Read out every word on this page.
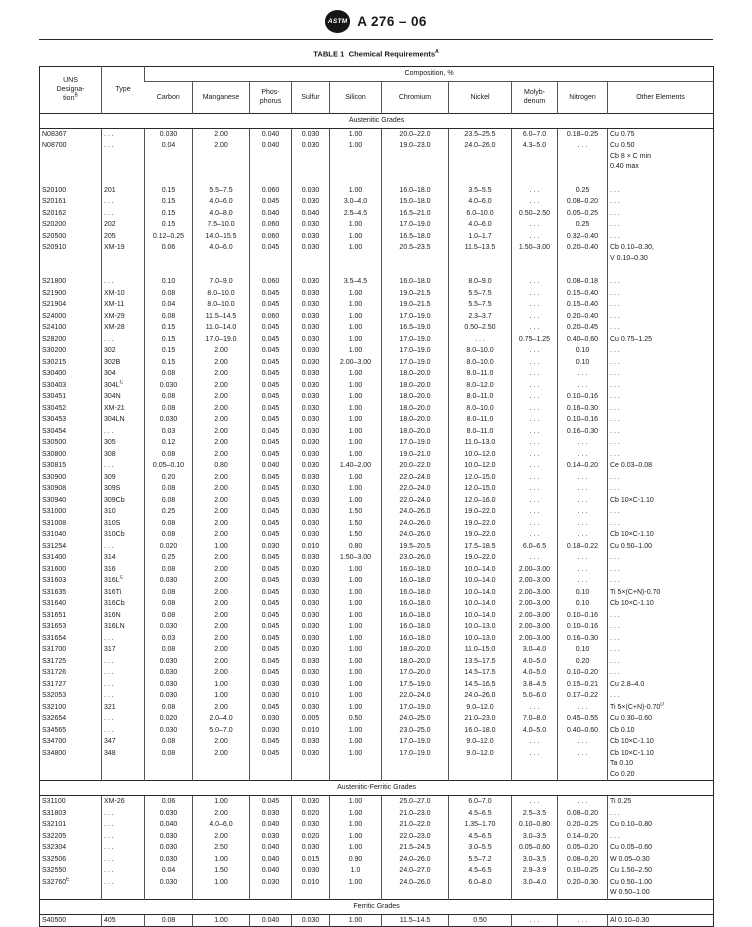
ASTM A 276 – 06
TABLE 1 Chemical Requirements$^A$
UNS
Designa-
tion$^B$	Type	Composition, %									
		Carbon	Manganese	Phos-
phorus	Sulfur	Silicon	Chromium	Nickel	Molyb-
denum	Nitrogen	Other Elements
Austenitic Grades											
N08367	. . .	0.030	2.00	0.040	0.030	1.00	20.0–22.0	23.5–25.5	6.0–7.0	0.18–0.25	Cu 0.75
N08700	. . .	0.04	2.00	0.040	0.030	1.00	19.0–23.0	24.0–26.0	4.3–5.0	. . .	Cu 0.50
Cb 8 × C min
0.40 max

S20100	201	0.15	5.5–7.5	0.060	0.030	1.00	16.0–18.0	3.5–5.5	. . .	0.25	. . .
S20161	. . .	0.15	4.0–6.0	0.045	0.030	3.0–4.0	15.0–18.0	4.0–6.0	. . .	0.08–0.20	. . .
S20162	. . .	0.15	4.0–8.0	0.040	0.040	2.5–4.5	16.5–21.0	6.0–10.0	0.50–2.50	0.05–0.25	. . .
S20200	202	0.15	7.5–10.0	0.060	0.030	1.00	17.0–19.0	4.0–6.0	. . .	0.25	. . .
S20500	205	0.12–0.25	14.0–15.5	0.060	0.030	1.00	16.5–18.0	1.0–1.7	. . .	0.32–0.40	. . .
S20910	XM-19	0.06	4.0–6.0	0.045	0.030	1.00	20.5–23.5	11.5–13.5	1.50–3.00	0.20–0.40	Cb 0.10–0.30,
V 0.10–0.30

S21800	. . .	0.10	7.0–9.0	0.060	0.030	3.5–4.5	16.0–18.0	8.0–9.0	. . .	0.08–0.18	. . .
S21900	XM-10	0.08	8.0–10.0	0.045	0.030	1.00	19.0–21.5	5.5–7.5	. . .	0.15–0.40	. . .
S21904	XM-11	0.04	8.0–10.0	0.045	0.030	1.00	19.0–21.5	5.5–7.5	. . .	0.15–0.40	. . .
S24000	XM-29	0.08	11.5–14.5	0.060	0.030	1.00	17.0–19.0	2.3–3.7	. . .	0.20–0.40	. . .
S24100	XM-28	0.15	11.0–14.0	0.045	0.030	1.00	16.5–19.0	0.50–2.50	. . .	0.20–0.45	. . .
S28200	. . .	0.15	17.0–19.0	0.045	0.030	1.00	17.0–19.0	. . .	0.75–1.25	0.40–0.60	Cu 0.75–1.25
S30200	302	0.15	2.00	0.045	0.030	1.00	17.0–19.0	8.0–10.0	. . .	0.10	. . .
S30215	302B	0.15	2.00	0.045	0.030	2.00–3.00	17.0–19.0	8.0–10.0	. . .	0.10	. . .
S30400	304	0.08	2.00	0.045	0.030	1.00	18.0–20.0	8.0–11.0	. . .	. . .	. . .
S30403	$304L^C$	0.030	2.00	0.045	0.030	1.00	18.0–20.0	8.0–12.0	. . .	. . .	. . .
S30451	304N	0.08	2.00	0.045	0.030	1.00	18.0–20.0	8.0–11.0	. . .	0.10–0.16	. . .
S30452	XM-21	0.08	2.00	0.045	0.030	1.00	18.0–20.0	8.0–10.0	. . .	0.16–0.30	. . .
S30453	304LN	0.030	2.00	0.045	0.030	1.00	18.0–20.0	8.0–11.0	. . .	0.10–0.16	. . .
S30454	. . .	0.03	2.00	0.045	0.030	1.00	18.0–20.0	8.0–11.0	. . .	0.16–0.30	. . .
S30500	305	0.12	2.00	0.045	0.030	1.00	17.0–19.0	11.0–13.0	. . .	. . .	. . .
S30800	308	0.08	2.00	0.045	0.030	1.00	19.0–21.0	10.0–12.0	. . .	. . .	. . .
S30815	. . .	0.05–0.10	0.80	0.040	0.030	1.40–2.00	20.0–22.0	10.0–12.0	. . .	0.14–0.20	Ce 0.03–0.08
S30900	309	0.20	2.00	0.045	0.030	1.00	22.0–24.0	12.0–15.0	. . .	. . .	. . .
S30908	309S	0.08	2.00	0.045	0.030	1.00	22.0–24.0	12.0–15.0	. . .	. . .	. . .
S30940	309Cb	0.08	2.00	0.045	0.030	1.00	22.0–24.0	12.0–16.0	. . .	. . .	Cb 10×C-1.10
S31000	310	0.25	2.00	0.045	0.030	1.50	24.0–26.0	19.0–22.0	. . .	. . .	. . .
S31008	310S	0.08	2.00	0.045	0.030	1.50	24.0–26.0	19.0–22.0	. . .	. . .	. . .
S31040	310Cb	0.08	2.00	0.045	0.030	1.50	24.0–26.0	19.0–22.0	. . .	. . .	Cb 10×C-1.10
S31254	. . .	0.020	1.00	0.030	0.010	0.80	19.5–20.5	17.5–18.5	6.0–6.5	0.18–0.22	Cu 0.50–1.00
S31400	314	0.25	2.00	0.045	0.030	1.50–3.00	23.0–26.0	19.0–22.0	. . .	. . .	. . .
S31600	316	0.08	2.00	0.045	0.030	1.00	16.0–18.0	10.0–14.0	2.00–3.00	. . .	. . .
S31603	$316L^C$	0.030	2.00	0.045	0.030	1.00	16.0–18.0	10.0–14.0	2.00–3.00	. . .	. . .
S31635	316Ti	0.08	2.00	0.045	0.030	1.00	16.0–18.0	10.0–14.0	2.00–3.00	0.10	Ti 5×(C+N)-0.70
S31640	316Cb	0.08	2.00	0.045	0.030	1.00	16.0–18.0	10.0–14.0	2.00–3.00	0.10	Cb 10×C-1.10
S31651	316N	0.08	2.00	0.045	0.030	1.00	16.0–18.0	10.0–14.0	2.00–3.00	0.10–0.16	. . .
S31653	316LN	0.030	2.00	0.045	0.030	1.00	16.0–18.0	10.0–13.0	2.00–3.00	0.10–0.16	. . .
S31654	. . .	0.03	2.00	0.045	0.030	1.00	16.0–18.0	10.0–13.0	2.00–3.00	0.16–0.30	. . .
S31700	317	0.08	2.00	0.045	0.030	1.00	18.0–20.0	11.0–15.0	3.0–4.0	0.10	. . .
S31725	. . .	0.030	2.00	0.045	0.030	1.00	18.0–20.0	13.5–17.5	4.0–5.0	0.20	. . .
S31726	. . .	0.030	2.00	0.045	0.030	1.00	17.0–20.0	14.5–17.5	4.0–5.0	0.10–0.20	. . .
S31727	. . .	0.030	1.00	0.030	0.030	1.00	17.5–19.0	14.5–16.5	3.8–4.5	0.15–0.21	Cu 2.8–4.0
S32053	. . .	0.030	1.00	0.030	0.010	1.00	22.0–24.0	24.0–26.0	5.0–6.0	0.17–0.22	. . .
S32100	321	0.08	2.00	0.045	0.030	1.00	17.0–19.0	9.0–12.0	. . .	. . .	Ti $5\times(C+N)-0.70^D$
S32654	. . .	0.020	2.0–4.0	0.030	0.005	0.50	24.0–25.0	21.0–23.0	7.0–8.0	0.45–0.55	Cu 0.30–0.60
S34565	. . .	0.030	5.0–7.0	0.030	0.010	1.00	23.0–25.0	16.0–18.0	4.0–5.0	0.40–0.60	Cb 0.10
S34700	347	0.08	2.00	0.045	0.030	1.00	17.0–19.0	9.0–12.0	. . .	. . .	Cb 10×C-1.10
S34800	348	0.08	2.00	0.045	0.030	1.00	17.0–19.0	9.0–12.0	. . .	. . .	Cb 10×C-1.10
Ta 0.10
Co 0.20
Austenitic-Ferritic Grades											
S31100	XM-26	0.06	1.00	0.045	0.030	1.00	25.0–27.0	6.0–7.0	. . .	. . .	Ti 0.25
S31803	. . .	0.030	2.00	0.030	0.020	1.00	21.0–23.0	4.5–6.5	2.5–3.5	0.08–0.20	. . .
S32101	. . .	0.040	4.0–6.0	0.040	0.030	1.00	21.0–22.0	1.35–1.70	0.10–0.80	0.20–0.25	Cu 0.10–0.80
S32205	. . .	0.030	2.00	0.030	0.020	1.00	22.0–23.0	4.5–6.5	3.0–3.5	0.14–0.20	. . .
S32304	. . .	0.030	2.50	0.040	0.030	1.00	21.5–24.5	3.0–5.5	0.05–0.60	0.05–0.20	Cu 0.05–0.60
S32506	. . .	0.030	1.00	0.040	0.015	0.90	24.0–26.0	5.5–7.2	3.0–3.5	0.08–0.20	W 0.05–0.30
S32550	. . .	0.04	1.50	0.040	0.030	1.0	24.0–27.0	4.5–6.5	2.9–3.9	0.10–0.25	Cu 1.50–2.50
$S32760^E$	. . .	0.030	1.00	0.030	0.010	1.00	24.0–26.0	6.0–8.0	3.0–4.0	0.20–0.30	Cu 0.50–1.00
W 0.50–1.00
Ferritic Grades											
S40500	405	0.08	1.00	0.040	0.030	1.00	11.5–14.5	0.50	. . .	. . .	Al 0.10–0.30
